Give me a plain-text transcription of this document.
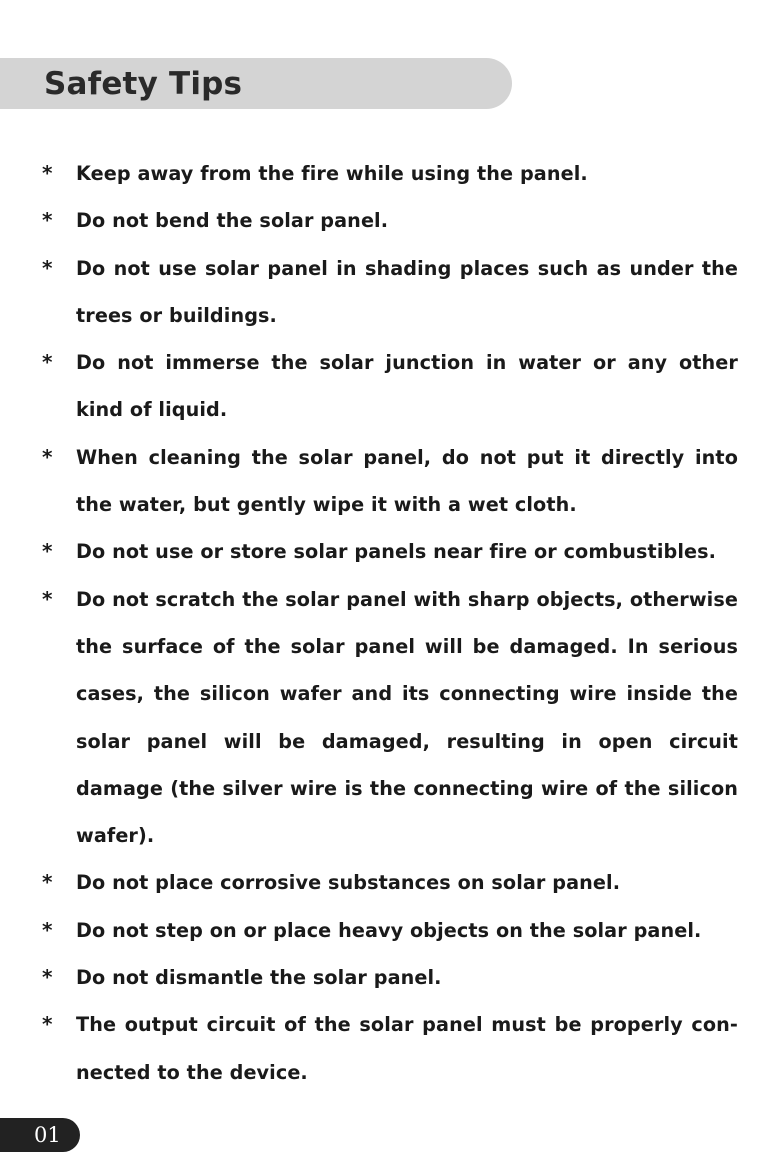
Safety Tips
* Keep away from the fire while using the panel.
* Do not bend the solar panel.
* Do not use solar panel in shading places such as under the trees or buildings.
* Do not immerse the solar junction in water or any other kind of liquid.
* When cleaning the solar panel, do not put it directly into the water, but gently wipe it with a wet cloth.
* Do not use or store solar panels near fire or combustibles.
* Do not scratch the solar panel with sharp objects, otherwise the surface of the solar panel will be damaged. In serious cases, the silicon wafer and its connecting wire inside the solar panel will be damaged, resulting in open circuit damage (the silver wire is the connecting wire of the silicon wafer).
* Do not place corrosive substances on solar panel.
* Do not step on or place heavy objects on the solar panel.
* Do not dismantle the solar panel.
* The output circuit of the solar panel must be properly con-nected to the device.
01
